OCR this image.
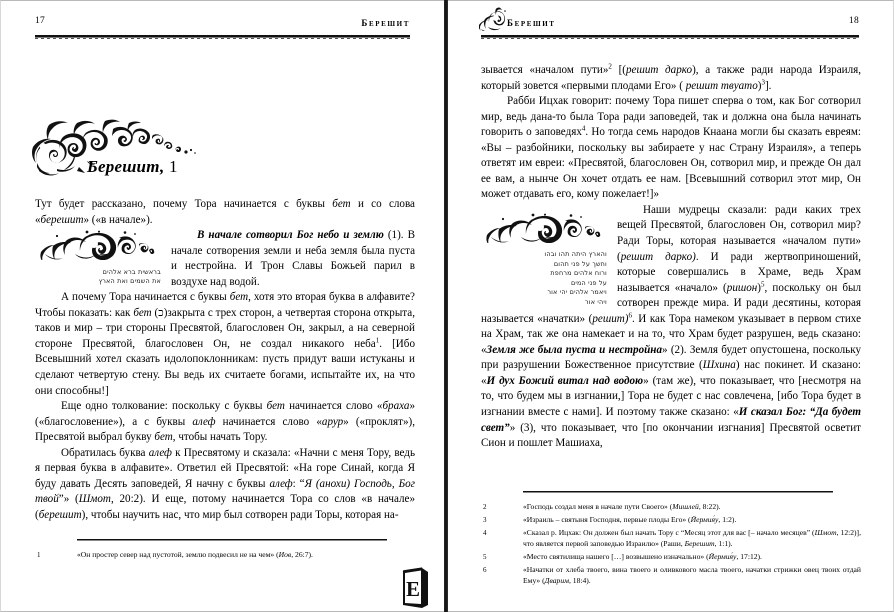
17	берешит
Берешит, 1

Тут будет рассказано, почему Тора начинается с буквы бет и со слова «берешит» («в начале»).

בראשית ברא אלהים
את השמים ואת הארץ

В начале сотворил Бог небо и землю (1). В начале сотворения земли и неба земля была пуста и нестройна. И Трон Славы Божьей парил в воздухе над водой.

А почему Тора начинается с буквы бет, хотя это вторая буква в алфавите? Чтобы показать: как бет (כ)закрыта с трех сторон, а четвертая сторона открыта, таков и мир – три стороны Пресвятой, благословен Он, закрыл, а на северной стороне Пресвятой, благословен Он, не создал никакого неба$^1$. [Ибо Всевышний хотел сказать идолопоклонникам: пусть придут ваши истуканы и сделают четвертую стену. Вы ведь их считаете богами, испытайте их, на что они способны!]

Еще одно толкование: поскольку с буквы бет начинается слово «браха» («благословение»), а с буквы алеф начинается слово «арур» («проклят»), Пресвятой выбрал букву бет, чтобы начать Тору.

Обратилась буква алеф к Пресвятому и сказала: «Начни с меня Тору, ведь я первая буква в алфавите». Ответил ей Пресвятой: «На горе Синай, когда Я буду давать Десять заповедей, Я начну с буквы алеф: “Я (анохи) Господь, Бог твой”» (Шмот, 20:2). И еще, потому начинается Тора со слов «в начале» (берешит), чтобы научить нас, что мир был сотворен ради Торы, которая на-

1	«Он простер север над пустотой, землю подвесил не на чем» (Иов, 26:7).
Е
берешит	18

зывается «началом пути»$^2$ [(решит дарко), а также ради народа Израиля, который зовется «первыми плодами Его» ( решит твуато)$^3$].

Рабби Ицхак говорит: почему Тора пишет сперва о том, как Бог сотворил мир, ведь дана-то была Тора ради заповедей, так и должна она была начинать говорить о заповедях$^4$. Но тогда семь народов Кнаана могли бы сказать евреям: «Вы – разбойники, поскольку вы забираете у нас Страну Израиля», а теперь ответят им евреи: «Пресвятой, благословен Он, сотворил мир, и прежде Он дал ее вам, а нынче Он хочет отдать ее нам. [Всевышний сотворил этот мир, Он может отдавать его, кому пожелает!]»

והארץ היתה תהו ובהו
וחשך על פני תהום
ורוח אלהים מרחפת
על פני המים
ויאמר אלהים יהי אור
ויהי אור

Наши мудрецы сказали: ради каких трех вещей Пресвятой, благословен Он, сотворил мир? Ради Торы, которая называется «началом пути» (решит дарко). И ради жертвоприношений, которые совершались в Храме, ведь Храм называется «начало» (ришон)$^5$, поскольку он был сотворен прежде мира. И ради десятины, которая называется «начатки» (решит)$^6$. И как Тора намеком указывает в первом стихе на Храм, так же она намекает и на то, что Храм будет разрушен, ведь сказано: «Земля же была пуста и нестройна» (2). Земля будет опустошена, поскольку при разрушении Божественное присутствие (Шхина) нас покинет. И сказано: «И дух Божий витал над водою» (там же), что показывает, что [несмотря на то, что будем мы в изгнании,] Тора не будет с нас совлечена, [ибо Тора будет в изгнании вместе с нами]. И поэтому также сказано: «И сказал Бог: “Да будет свет”» (3), что показывает, что [по окончании изгнания] Пресвятой осветит Сион и пошлет Машиаха,

2	«Господь создал меня в начале пути Своего» (Мишлей, 8:22).
3	«Израиль – святыня Господня, первые плоды Его» (Йермия́у, 1:2).
4	«Сказал р. Ицхак: Он должен был начать Тору с “Месяц этот для вас [– начало месяцев” (Шмот, 12:2)], что является первой заповедью Израилю» (Раши, Берешит, 1:1).
5	«Место святилища нашего […] возвышено изначально» (Йермия́у, 17:12).
6	«Начатки от хлеба твоего, вина твоего и оливкового масла твоего, начатки стрижки овец твоих отдай Ему» (Дварим, 18:4).
